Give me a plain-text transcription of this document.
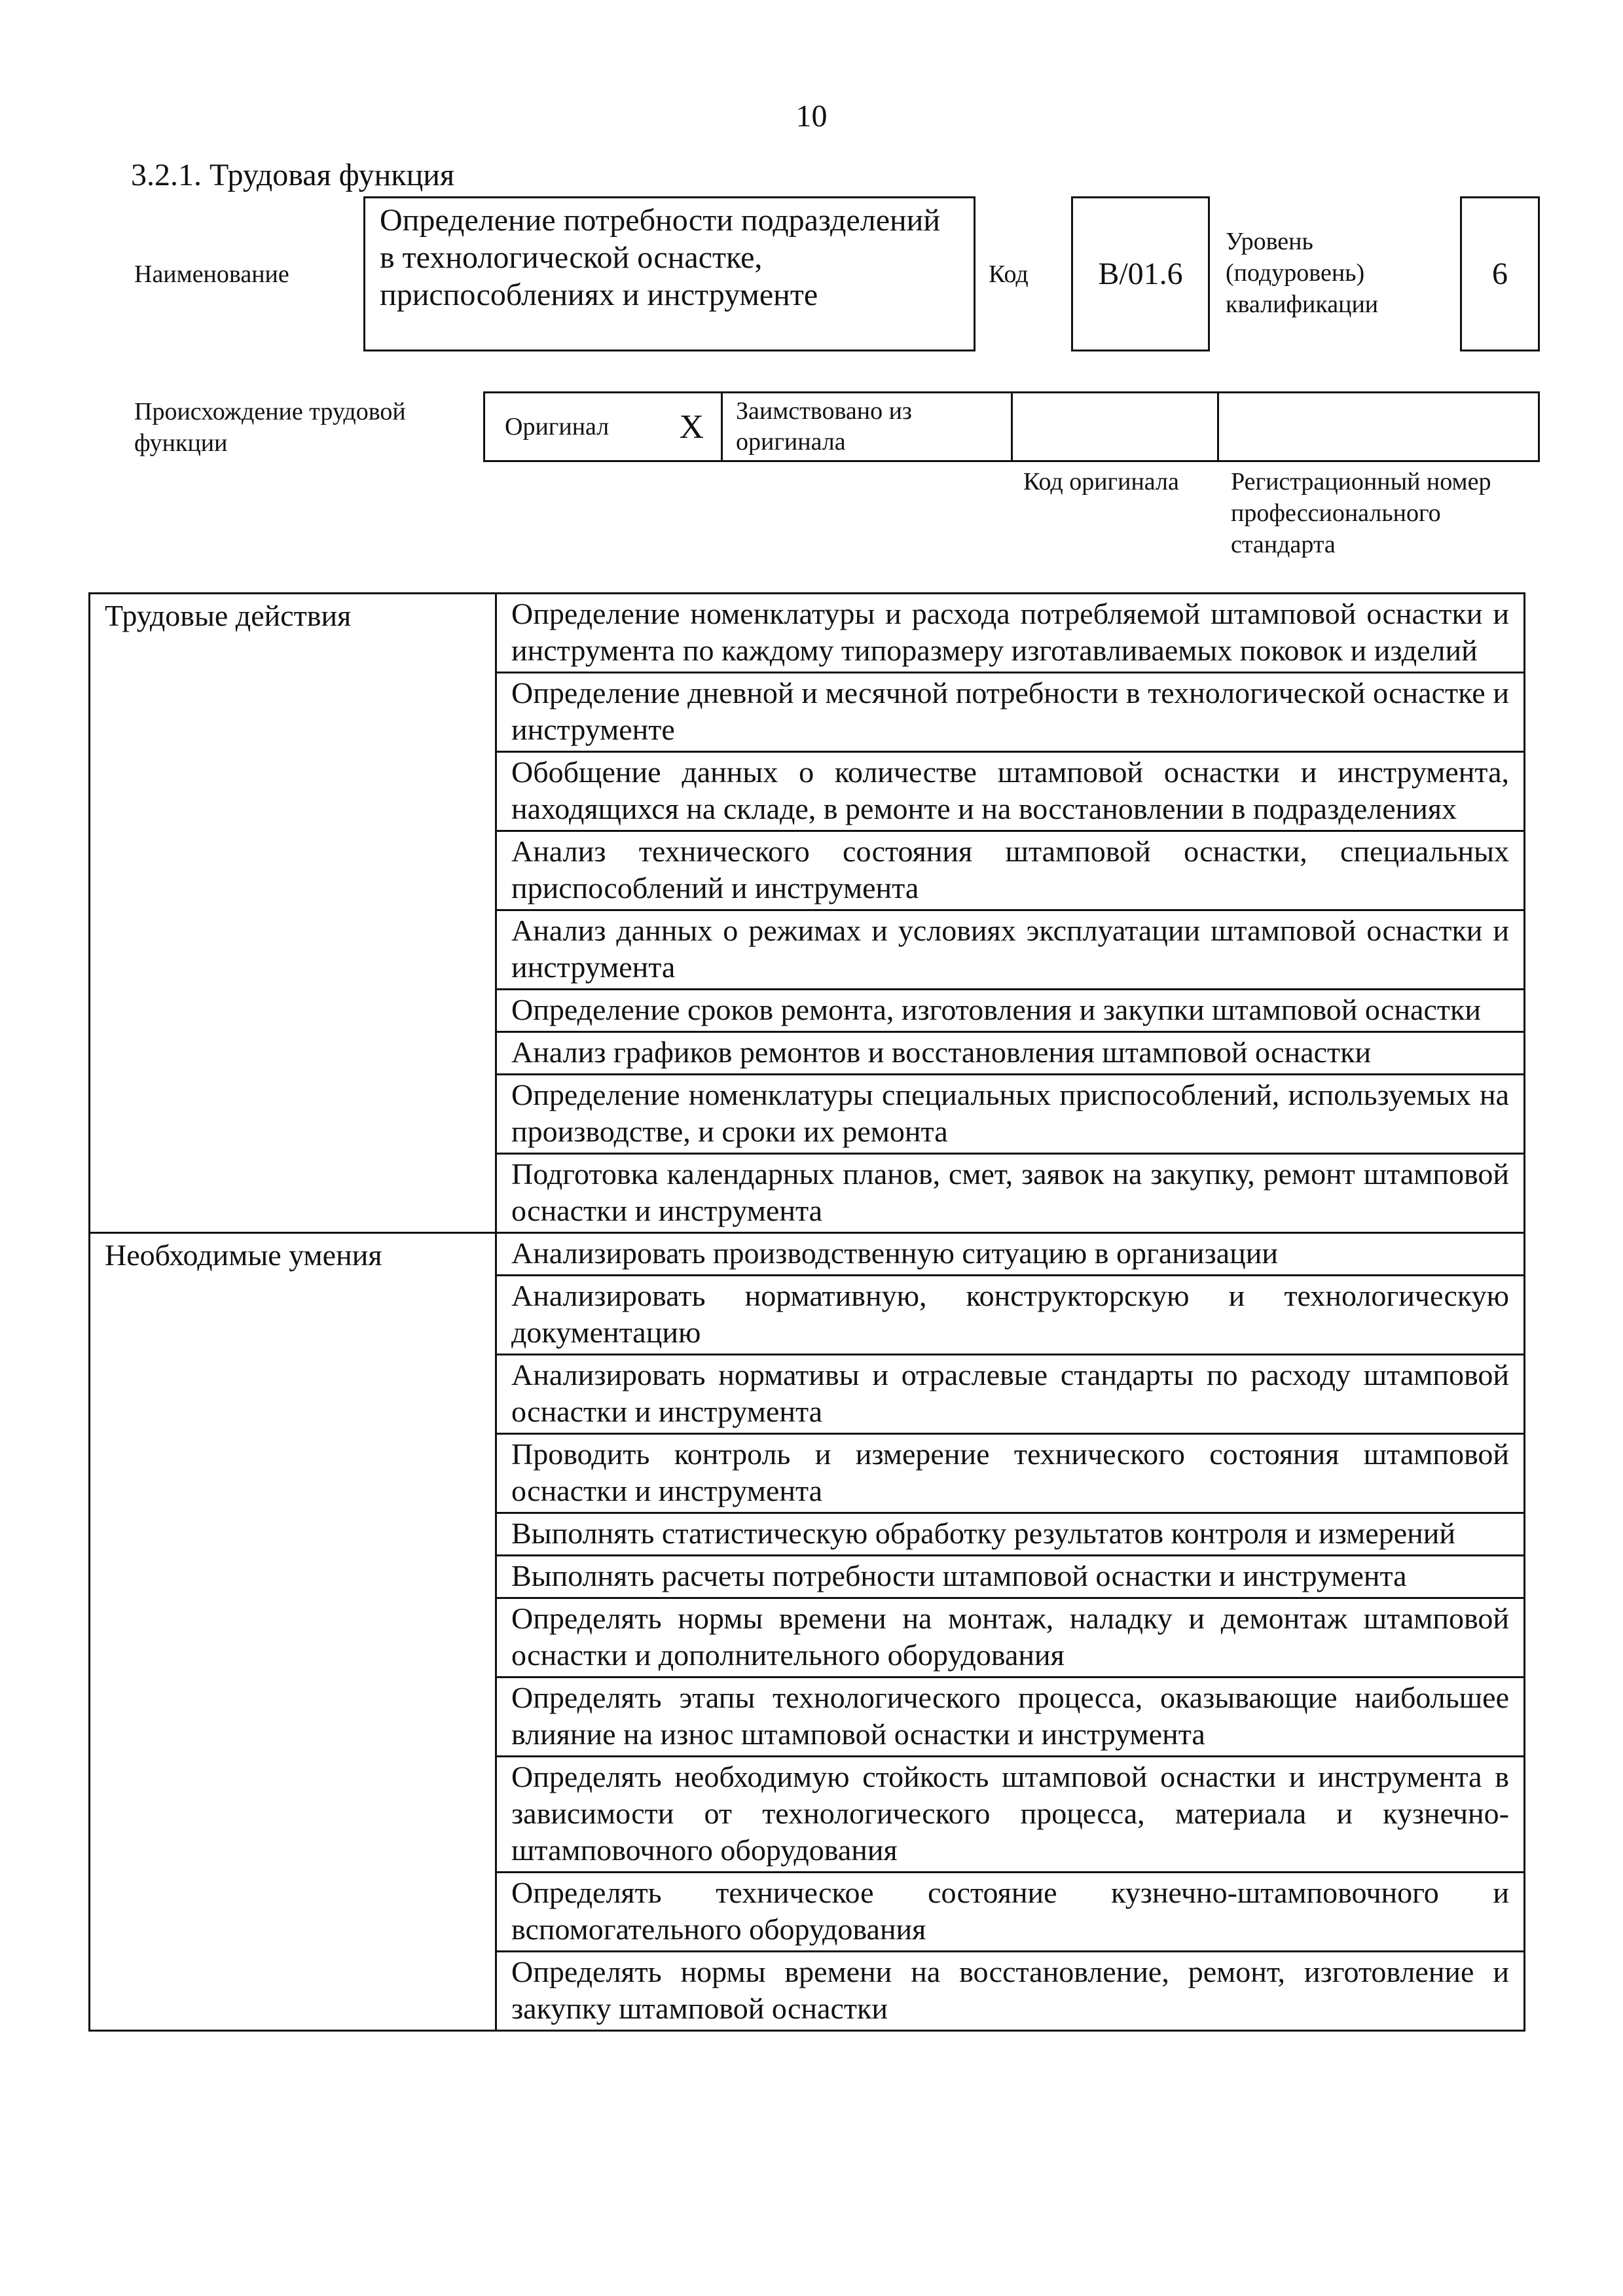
10
3.2.1. Трудовая функция
Наименование
Определение потребности подразделений в технологической оснастке, приспособлениях и инструменте
Код В/01.6
Уровень (подуровень) квалификации
6
Происхождение трудовой функции
Оригинал X	Заимствовано из оригинала
Код оригинала Регистрационный номер профессионального стандарта
Трудовые действия	Определение номенклатуры и расхода потребляемой штамповой оснастки и инструмента по каждому типоразмеру изготавливаемых поковок и изделий
	Определение дневной и месячной потребности в технологической оснастке и инструменте
	Обобщение данных о количестве штамповой оснастки и инструмента, находящихся на складе, в ремонте и на восстановлении в подразделениях
	Анализ технического состояния штамповой оснастки, специальных приспособлений и инструмента
	Анализ данных о режимах и условиях эксплуатации штамповой оснастки и инструмента
	Определение сроков ремонта, изготовления и закупки штамповой оснастки
	Анализ графиков ремонтов и восстановления штамповой оснастки
	Определение номенклатуры специальных приспособлений, используемых на производстве, и сроки их ремонта
	Подготовка календарных планов, смет, заявок на закупку, ремонт штамповой оснастки и инструмента
Необходимые умения	Анализировать производственную ситуацию в организации
	Анализировать нормативную, конструкторскую и технологическую документацию
	Анализировать нормативы и отраслевые стандарты по расходу штамповой оснастки и инструмента
	Проводить контроль и измерение технического состояния штамповой оснастки и инструмента
	Выполнять статистическую обработку результатов контроля и измерений
	Выполнять расчеты потребности штамповой оснастки и инструмента
	Определять нормы времени на монтаж, наладку и демонтаж штамповой оснастки и дополнительного оборудования
	Определять этапы технологического процесса, оказывающие наибольшее влияние на износ штамповой оснастки и инструмента
	Определять необходимую стойкость штамповой оснастки и инструмента в зависимости от технологического процесса, материала и кузнечно-штамповочного оборудования
	Определять техническое состояние кузнечно-штамповочного и вспомогательного оборудования
	Определять нормы времени на восстановление, ремонт, изготовление и закупку штамповой оснастки
